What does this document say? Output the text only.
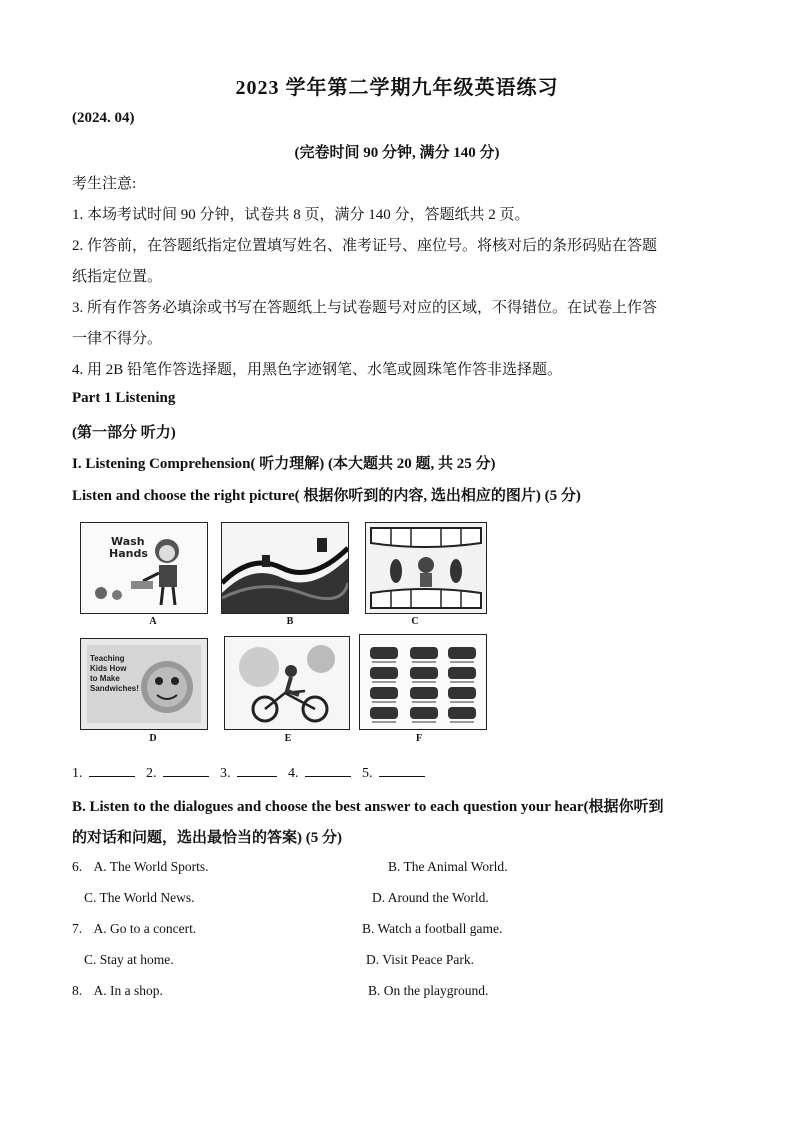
2023 学年第二学期九年级英语练习
(2024. 04)
(完卷时间 90 分钟, 满分 140 分)
考生注意:
1. 本场考试时间 90 分钟，试卷共 8 页，满分 140 分，答题纸共 2 页。
2. 作答前，在答题纸指定位置填写姓名、准考证号、座位号。将核对后的条形码贴在答题
纸指定位置。
3. 所有作答务必填涂或书写在答题纸上与试卷题号对应的区域，不得错位。在试卷上作答
一律不得分。
4. 用 2B 铅笔作答选择题，用黑色字迹钢笔、水笔或圆珠笔作答非选择题。
Part 1 Listening
(第一部分 听力)
I. Listening Comprehension( 听力理解) (本大题共 20 题, 共 25 分)
Listen and choose the right picture( 根据你听到的内容, 选出相应的图片) (5 分)
Wash
Hands
A	B	C
Teaching
Kids How
to Make
Sandwiches!
D	E	F
1.	2.	3.	4.	5.
B. Listen to the dialogues and choose the best answer to each question your hear(根据你听到
的对话和问题，选出最恰当的答案) (5 分)
6. A. The World Sports.	B. The Animal World.
C. The World News.	D. Around the World.
7. A. Go to a concert.	B. Watch a football game.
C. Stay at home.	D. Visit Peace Park.
8. A. In a shop.	B. On the playground.
